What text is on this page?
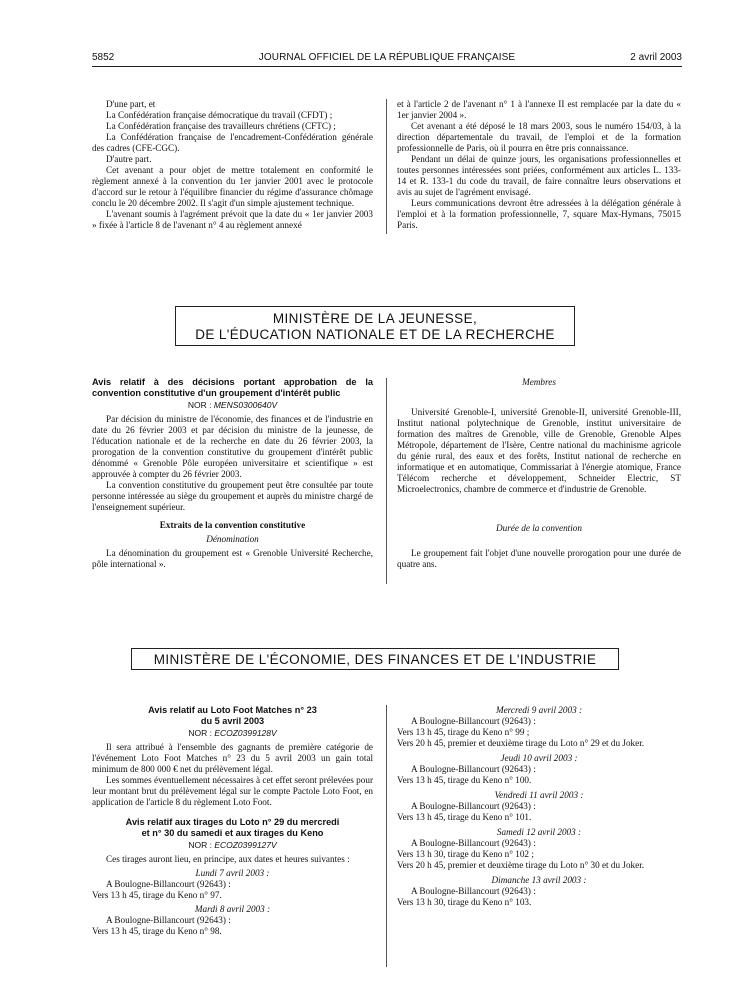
5852	JOURNAL OFFICIEL DE LA RÉPUBLIQUE FRANÇAISE	2 avril 2003

D'une part, et

La Confédération française démocratique du travail (CFDT) ;

La Confédération française des travailleurs chrétiens (CFTC) ;

La Confédération française de l'encadrement-Confédération générale des cadres (CFE-CGC).

D'autre part.

Cet avenant a pour objet de mettre totalement en conformité le règlement annexé à la convention du 1er janvier 2001 avec le protocole d'accord sur le retour à l'équilibre financier du régime d'assurance chômage conclu le 20 décembre 2002. Il s'agit d'un simple ajustement technique.

L'avenant soumis à l'agrément prévoit que la date du « 1er janvier 2003 » fixée à l'article 8 de l'avenant n° 4 au règlement annexé

et à l'article 2 de l'avenant n° 1 à l'annexe II est remplacée par la date du « 1er janvier 2004 ».

Cet avenant a été déposé le 18 mars 2003, sous le numéro 154/03, à la direction départementale du travail, de l'emploi et de la formation professionnelle de Paris, où il pourra en être pris connaissance.

Pendant un délai de quinze jours, les organisations professionnelles et toutes personnes intéressées sont priées, conformément aux articles L. 133-14 et R. 133-1 du code du travail, de faire connaître leurs observations et avis au sujet de l'agrément envisagé.

Leurs communications devront être adressées à la délégation générale à l'emploi et à la formation professionnelle, 7, square Max-Hymans, 75015 Paris.

MINISTÈRE DE LA JEUNESSE,
DE L'ÉDUCATION NATIONALE ET DE LA RECHERCHE
Avis relatif à des décisions portant approbation de la convention constitutive d'un groupement d'intérêt public
NOR : MENS0300640V

Par décision du ministre de l'économie, des finances et de l'industrie en date du 26 février 2003 et par décision du ministre de la jeunesse, de l'éducation nationale et de la recherche en date du 26 février 2003, la prorogation de la convention constitutive du groupement d'intérêt public dénommé « Grenoble Pôle européen universitaire et scientifique » est approuvée à compter du 26 février 2003.

La convention constitutive du groupement peut être consultée par toute personne intéressée au siège du groupement et auprès du ministre chargé de l'enseignement supérieur.

Extraits de la convention constitutive

Dénomination

La dénomination du groupement est « Grenoble Université Recherche, pôle international ».

Membres

Université Grenoble-I, université Grenoble-II, université Grenoble-III, Institut national polytechnique de Grenoble, institut universitaire de formation des maîtres de Grenoble, ville de Grenoble, Grenoble Alpes Métropole, département de l'Isère, Centre national du machinisme agricole du génie rural, des eaux et des forêts, Institut national de recherche en informatique et en automatique, Commissariat à l'énergie atomique, France Télécom recherche et développement, Schneider Electric, ST Microelectronics, chambre de commerce et d'industrie de Grenoble.

Durée de la convention

Le groupement fait l'objet d'une nouvelle prorogation pour une durée de quatre ans.

MINISTÈRE DE L'ÉCONOMIE, DES FINANCES ET DE L'INDUSTRIE
Avis relatif au Loto Foot Matches n° 23
du 5 avril 2003
NOR : ECOZ0399128V

Il sera attribué à l'ensemble des gagnants de première catégorie de l'événement Loto Foot Matches n° 23 du 5 avril 2003 un gain total minimum de 800 000 € net du prélèvement légal.

Les sommes éventuellement nécessaires à cet effet seront prélevées pour leur montant brut du prélèvement légal sur le compte Pactole Loto Foot, en application de l'article 8 du règlement Loto Foot.

Avis relatif aux tirages du Loto n° 29 du mercredi
et n° 30 du samedi et aux tirages du Keno
NOR : ECOZ0399127V

Ces tirages auront lieu, en principe, aux dates et heures suivantes :

Lundi 7 avril 2003 :

A Boulogne-Billancourt (92643) :

Vers 13 h 45, tirage du Keno n° 97.

Mardi 8 avril 2003 :

A Boulogne-Billancourt (92643) :

Vers 13 h 45, tirage du Keno n° 98.

Mercredi 9 avril 2003 :

A Boulogne-Billancourt (92643) :

Vers 13 h 45, tirage du Keno n° 99 ;

Vers 20 h 45, premier et deuxième tirage du Loto n° 29 et du Joker.

Jeudi 10 avril 2003 :

A Boulogne-Billancourt (92643) :

Vers 13 h 45, tirage du Keno n° 100.

Vendredi 11 avril 2003 :

A Boulogne-Billancourt (92643) :

Vers 13 h 45, tirage du Keno n° 101.

Samedi 12 avril 2003 :

A Boulogne-Billancourt (92643) :

Vers 13 h 30, tirage du Keno n° 102 ;

Vers 20 h 45, premier et deuxième tirage du Loto n° 30 et du Joker.

Dimanche 13 avril 2003 :

A Boulogne-Billancourt (92643) :

Vers 13 h 30, tirage du Keno n° 103.
